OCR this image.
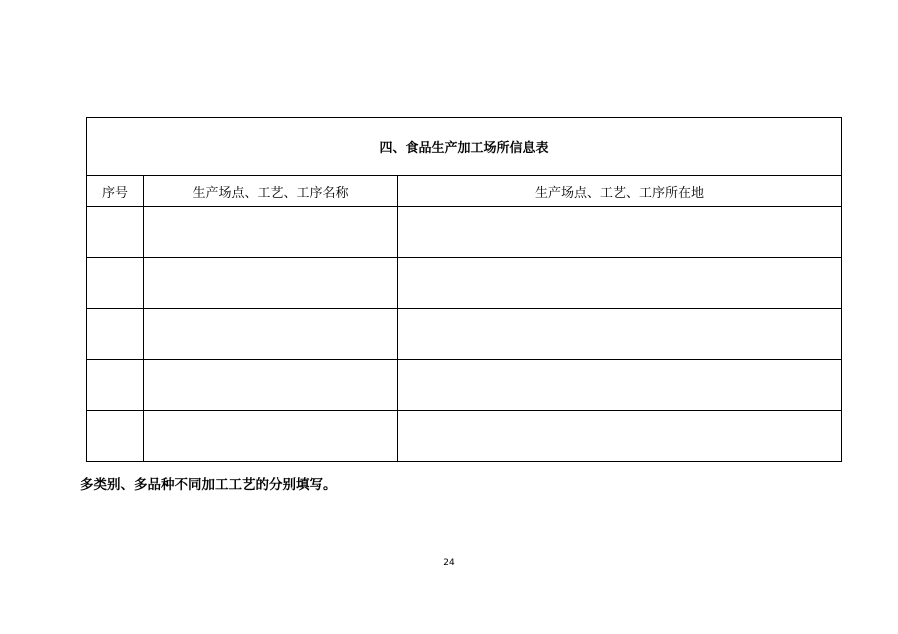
四、食品生产加工场所信息表		
序号	生产场点、工艺、工序名称	生产场点、工艺、工序所在地

多类别、多品种不同加工工艺的分别填写。
24
